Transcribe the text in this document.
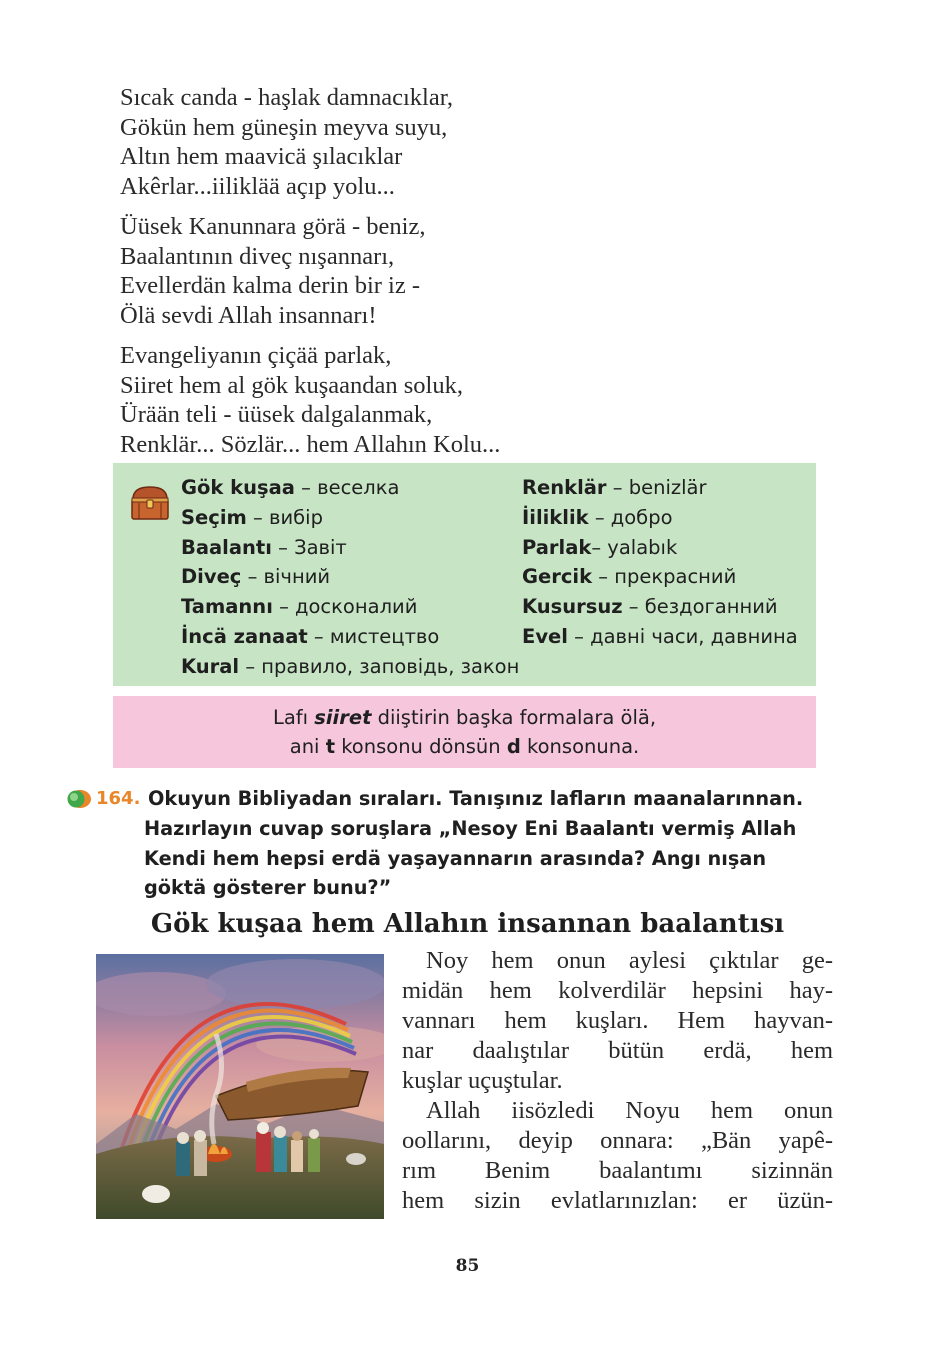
Sıcak canda - haşlak damnacıklar,
Gökün hem güneşin meyva suyu,
Altın hem maavicä şılacıklar
Akêrlar...iiliklää açıp yolu...
Üüsek Kanunnara görä - beniz,
Baalantının diveç nışannarı,
Evellerdän kalma derin bir iz -
Ölä sevdi Allah insannarı!
Evangeliyanın çiçää parlak,
Siiret hem al gök kuşaandan soluk,
Ürään teli - üüsek dalgalanmak,
Renklär... Sözlär... hem Allahın Kolu...
Gök kuşaa – веселка
Seçim – вибір
Baalantı – Завіт
Diveç – вічний
Tamannı – досконалий
İncä zanaat – мистецтво
Kural – правило, заповідь, закон
Renklär – benizlär
İiliklik – добро
Parlak– yalabık
Gercik – прекрасний
Kusursuz – бездоганний
Evel – давні часи, давнина
Lafı siiret diiştirin başka formalara ölä,
ani t konsonu dönsün d konsonuna.
164. Okuyun Bibliyadan sıraları. Tanışınız lafların maanalarınnan.
Hazırlayın cuvap soruşlara „Nesoy Eni Baalantı vermiş Allah
Kendi hem hepsi erdä yaşayannarın arasında? Angı nışan
göktä gösterer bunu?”
Gök kuşaa hem Allahın insannan baalantısı
Noy hem onun aylesi çıktılar ge-
midän hem kolverdilär hepsini hay-
vannarı hem kuşları. Hem hayvan-
nar daalıştılar bütün erdä, hem
kuşlar uçuştular.
Allah iisözledi Noyu hem onun
oollarını, deyip onnara: „Bän yapê-
rım Benim baalantımı sizinnän
hem sizin evlatlarınızlan: er üzün-
85
